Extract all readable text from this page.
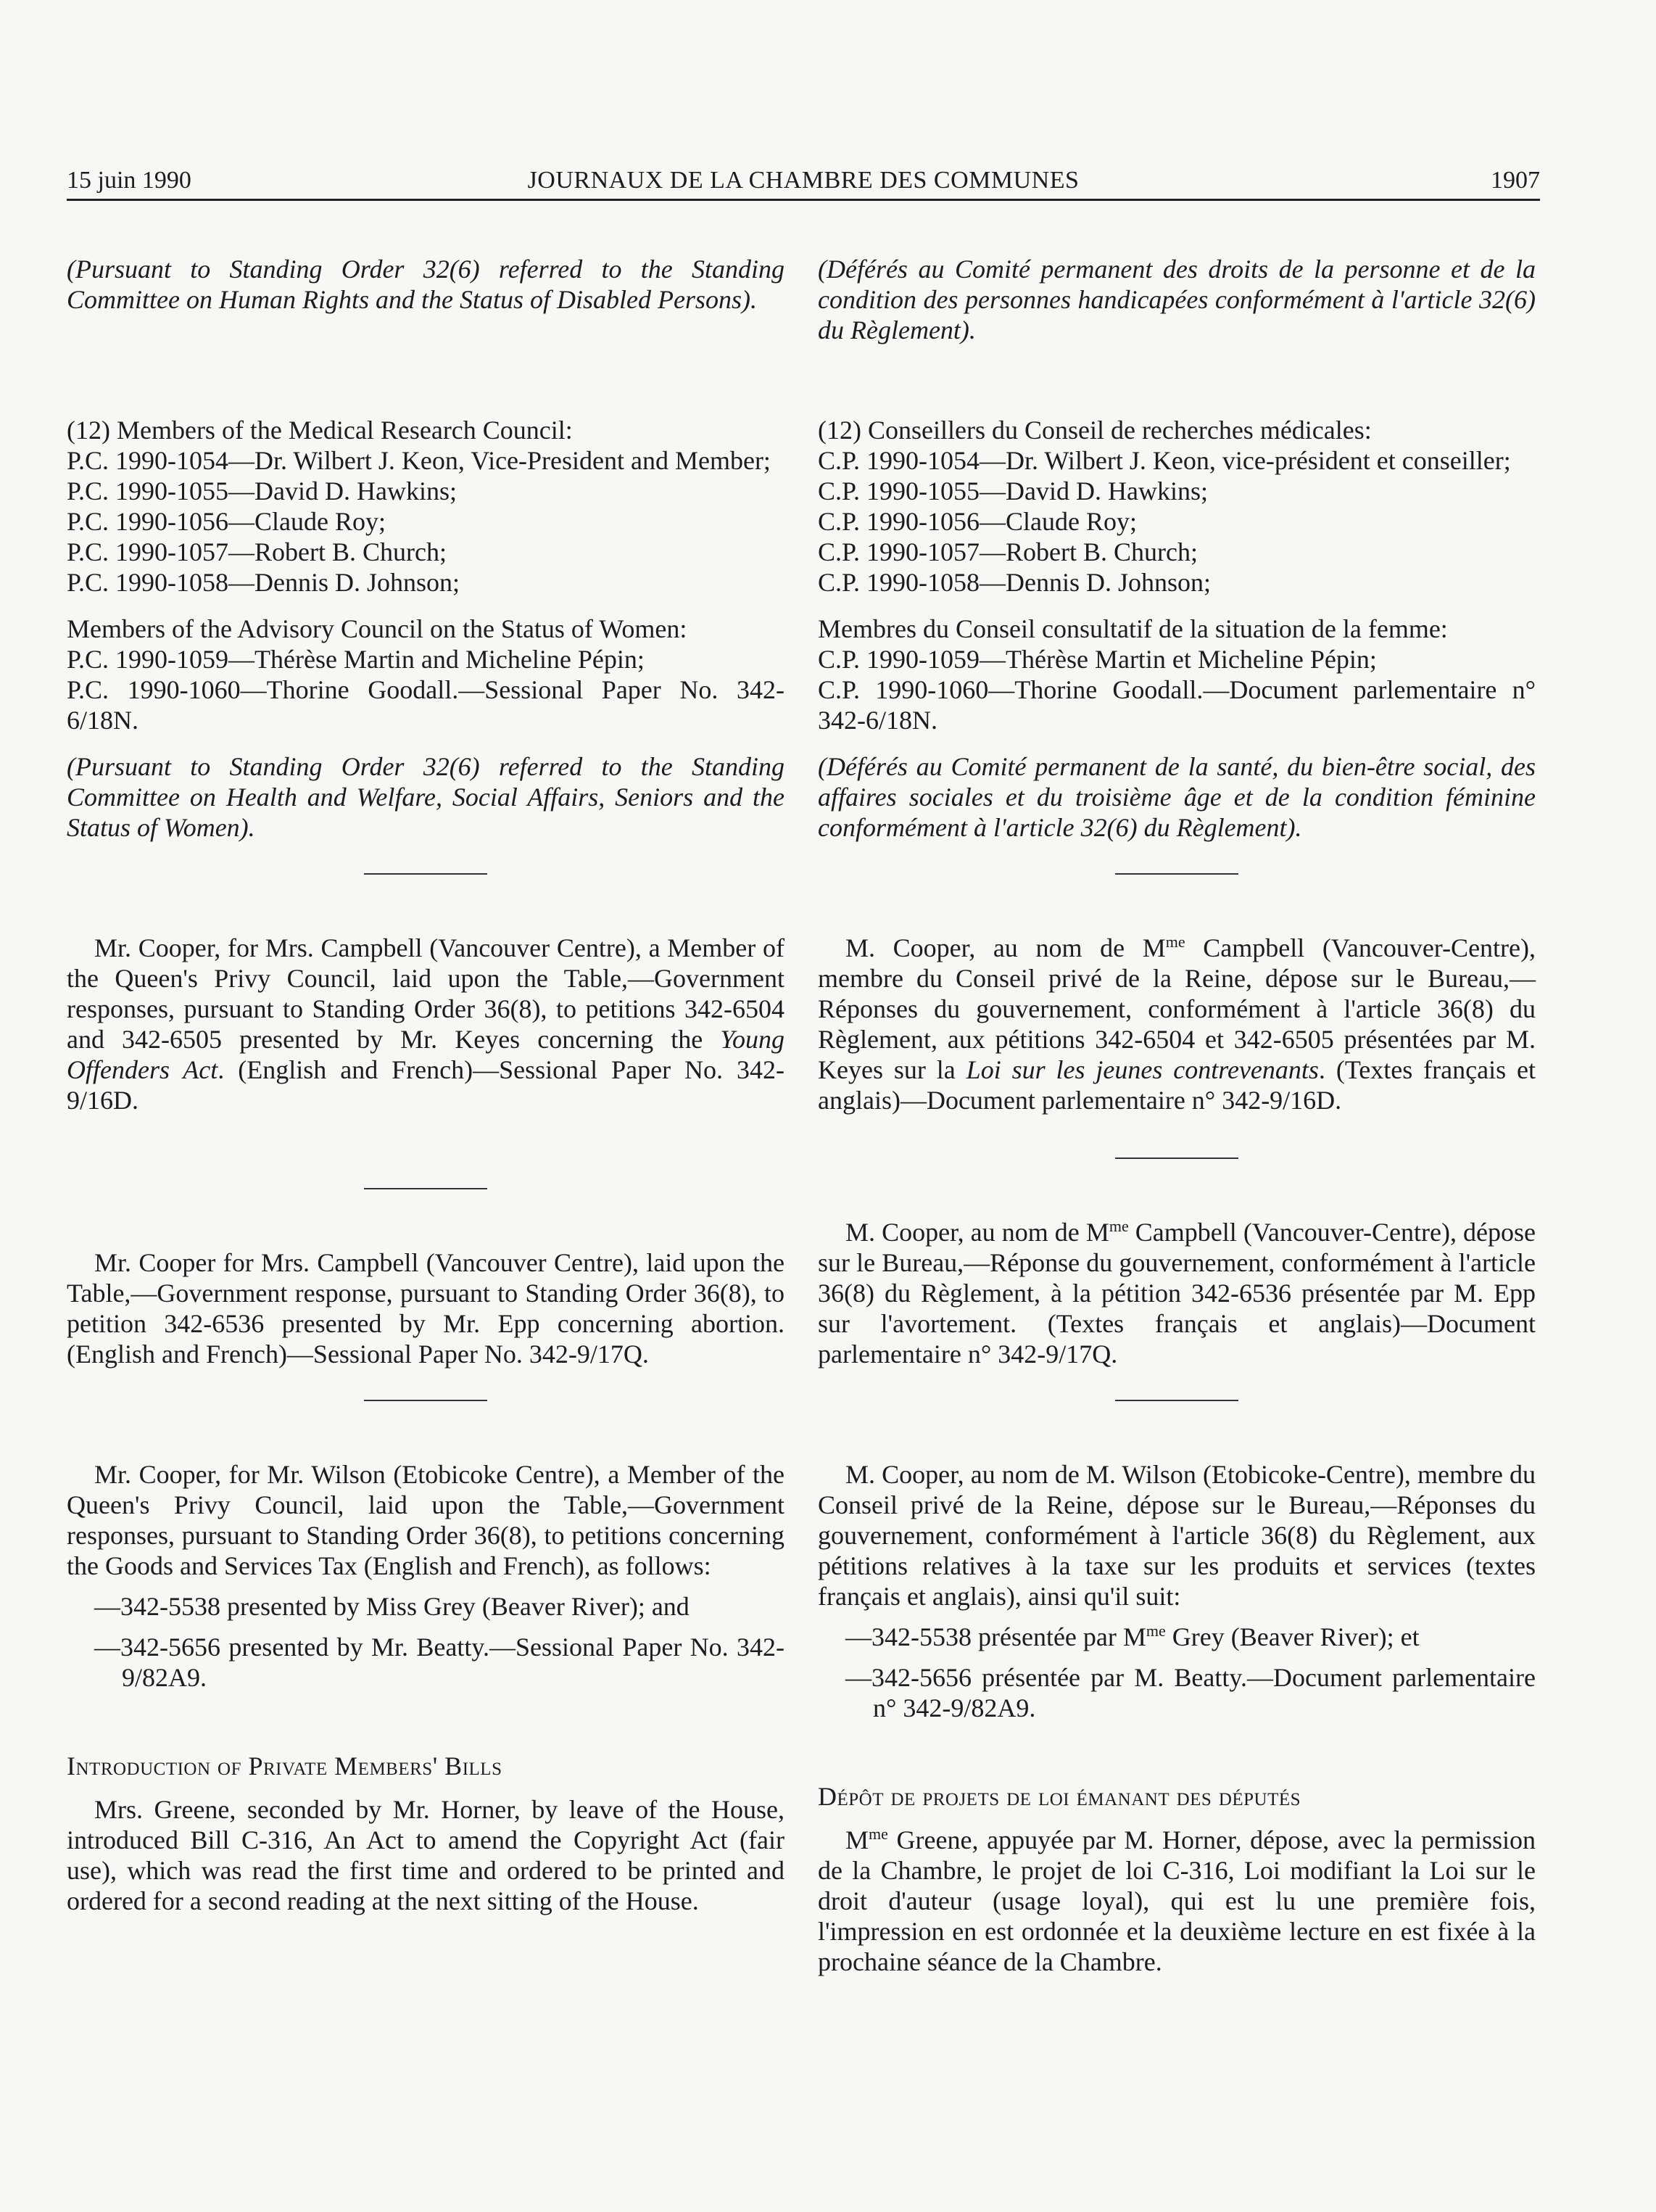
15 juin 1990	JOURNAUX DE LA CHAMBRE DES COMMUNES	1907

(Pursuant to Standing Order 32(6) referred to the Standing Committee on Human Rights and the Status of Disabled Persons).

(12) Members of the Medical Research Council:

P.C. 1990-1054—Dr. Wilbert J. Keon, Vice-President and Member;

P.C. 1990-1055—David D. Hawkins;

P.C. 1990-1056—Claude Roy;

P.C. 1990-1057—Robert B. Church;

P.C. 1990-1058—Dennis D. Johnson;

Members of the Advisory Council on the Status of Women:

P.C. 1990-1059—Thérèse Martin and Micheline Pépin;

P.C. 1990-1060—Thorine Goodall.—Sessional Paper No. 342-6/18N.

(Pursuant to Standing Order 32(6) referred to the Standing Committee on Health and Welfare, Social Affairs, Seniors and the Status of Women).

Mr. Cooper, for Mrs. Campbell (Vancouver Centre), a Member of the Queen's Privy Council, laid upon the Table,—Government responses, pursuant to Standing Order 36(8), to petitions 342-6504 and 342-6505 presented by Mr. Keyes concerning the Young Offenders Act. (English and French)—Sessional Paper No. 342-9/16D.

Mr. Cooper for Mrs. Campbell (Vancouver Centre), laid upon the Table,—Government response, pursuant to Standing Order 36(8), to petition 342-6536 presented by Mr. Epp concerning abortion. (English and French)—Sessional Paper No. 342-9/17Q.

Mr. Cooper, for Mr. Wilson (Etobicoke Centre), a Member of the Queen's Privy Council, laid upon the Table,—Government responses, pursuant to Standing Order 36(8), to petitions concerning the Goods and Services Tax (English and French), as follows:

—342-5538 presented by Miss Grey (Beaver River); and

—342-5656 presented by Mr. Beatty.—Sessional Paper No. 342-9/82A9.

Introduction of Private Members' Bills

Mrs. Greene, seconded by Mr. Horner, by leave of the House, introduced Bill C-316, An Act to amend the Copyright Act (fair use), which was read the first time and ordered to be printed and ordered for a second reading at the next sitting of the House.

(Déférés au Comité permanent des droits de la personne et de la condition des personnes handicapées conformément à l'article 32(6) du Règlement).

(12) Conseillers du Conseil de recherches médicales:

C.P. 1990-1054—Dr. Wilbert J. Keon, vice-président et conseiller;

C.P. 1990-1055—David D. Hawkins;

C.P. 1990-1056—Claude Roy;

C.P. 1990-1057—Robert B. Church;

C.P. 1990-1058—Dennis D. Johnson;

Membres du Conseil consultatif de la situation de la femme:

C.P. 1990-1059—Thérèse Martin et Micheline Pépin;

C.P. 1990-1060—Thorine Goodall.—Document parlementaire n° 342-6/18N.

(Déférés au Comité permanent de la santé, du bien-être social, des affaires sociales et du troisième âge et de la condition féminine conformément à l'article 32(6) du Règlement).

M. Cooper, au nom de $M^{me}$ Campbell (Vancouver-Centre), membre du Conseil privé de la Reine, dépose sur le Bureau,—Réponses du gouvernement, conformément à l'article 36(8) du Règlement, aux pétitions 342-6504 et 342-6505 présentées par M. Keyes sur la Loi sur les jeunes contrevenants. (Textes français et anglais)—Document parlementaire n° 342-9/16D.

M. Cooper, au nom de $M^{me}$ Campbell (Vancouver-Centre), dépose sur le Bureau,—Réponse du gouvernement, conformément à l'article 36(8) du Règlement, à la pétition 342-6536 présentée par M. Epp sur l'avortement. (Textes français et anglais)—Document parlementaire n° 342-9/17Q.

M. Cooper, au nom de M. Wilson (Etobicoke-Centre), membre du Conseil privé de la Reine, dépose sur le Bureau,—Réponses du gouvernement, conformément à l'article 36(8) du Règlement, aux pétitions relatives à la taxe sur les produits et services (textes français et anglais), ainsi qu'il suit:

—342-5538 présentée par $M^{me}$ Grey (Beaver River); et

—342-5656 présentée par M. Beatty.—Document parlementaire n° 342-9/82A9.

Dépôt de projets de loi émanant des députés

$M^{me}$ Greene, appuyée par M. Horner, dépose, avec la permission de la Chambre, le projet de loi C-316, Loi modifiant la Loi sur le droit d'auteur (usage loyal), qui est lu une première fois, l'impression en est ordonnée et la deuxième lecture en est fixée à la prochaine séance de la Chambre.
